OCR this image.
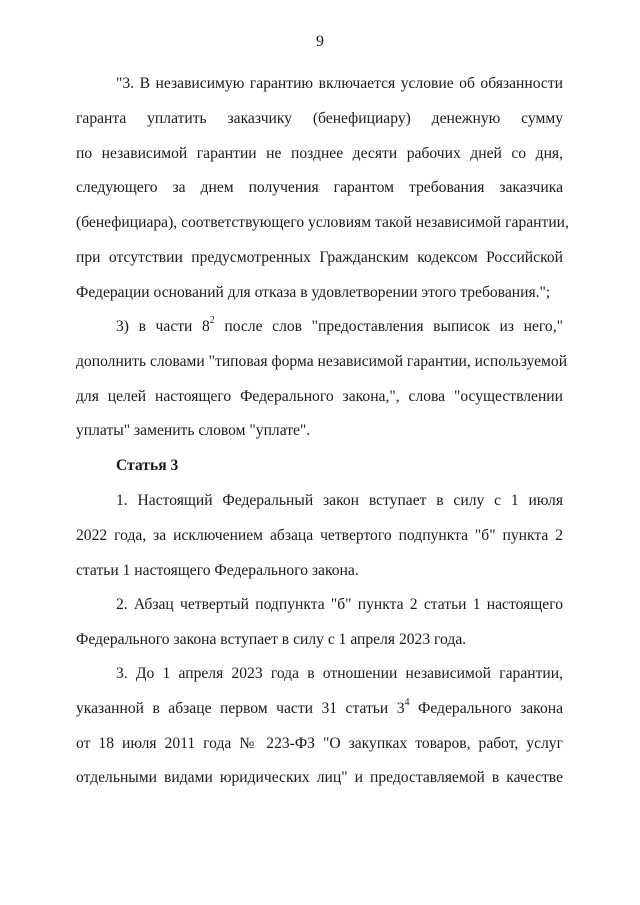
9
"3. В независимую гарантию включается условие об обязанности
гаранта уплатить заказчику (бенефициару) денежную сумму
по независимой гарантии не позднее десяти рабочих дней со дня,
следующего за днем получения гарантом требования заказчика
(бенефициара), соответствующего условиям такой независимой гарантии,
при отсутствии предусмотренных Гражданским кодексом Российской
Федерации оснований для отказа в удовлетворении этого требования.";
3) в части $8^2$ после слов "предоставления выписок из него,"
дополнить словами "типовая форма независимой гарантии, используемой
для целей настоящего Федерального закона,", слова "осуществлении
уплаты" заменить словом "уплате".
Статья 3
1. Настоящий Федеральный закон вступает в силу с 1 июля
2022 года, за исключением абзаца четвертого подпункта "б" пункта 2
статьи 1 настоящего Федерального закона.
2. Абзац четвертый подпункта "б" пункта 2 статьи 1 настоящего
Федерального закона вступает в силу с 1 апреля 2023 года.
3. До 1 апреля 2023 года в отношении независимой гарантии,
указанной в абзаце первом части 31 статьи $3^4$ Федерального закона
от 18 июля 2011 года № 223-ФЗ "О закупках товаров, работ, услуг
отдельными видами юридических лиц" и предоставляемой в качестве
